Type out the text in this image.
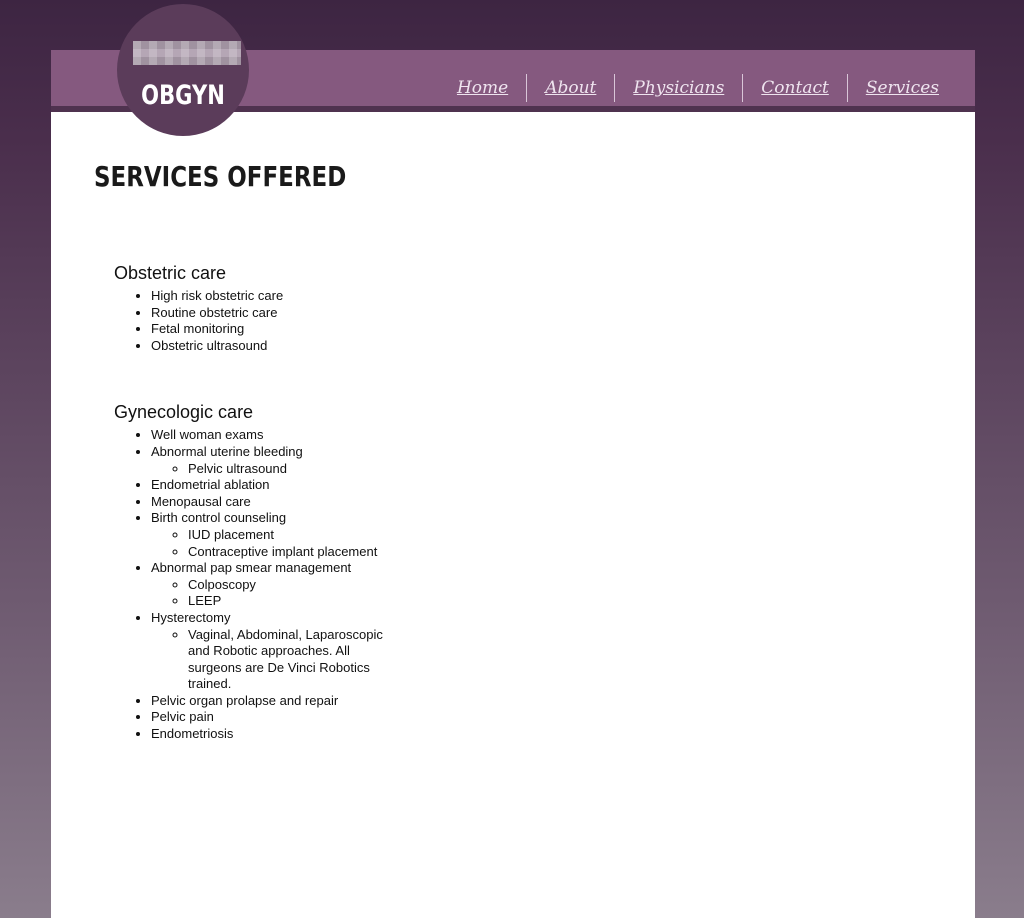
OBGYN	Home	About	Physicians	Contact	Services
SERVICES OFFERED
Obstetric care
• High risk obstetric care
• Routine obstetric care
• Fetal monitoring
• Obstetric ultrasound
Gynecologic care
• Well woman exams
• Abnormal uterine bleeding
◦ Pelvic ultrasound
• Endometrial ablation
• Menopausal care
• Birth control counseling
◦ IUD placement
◦ Contraceptive implant placement
• Abnormal pap smear management
◦ Colposcopy
◦ LEEP
• Hysterectomy
◦ Vaginal, Abdominal, Laparoscopic and Robotic approaches. All surgeons are De Vinci Robotics trained.
• Pelvic organ prolapse and repair
• Pelvic pain
• Endometriosis
